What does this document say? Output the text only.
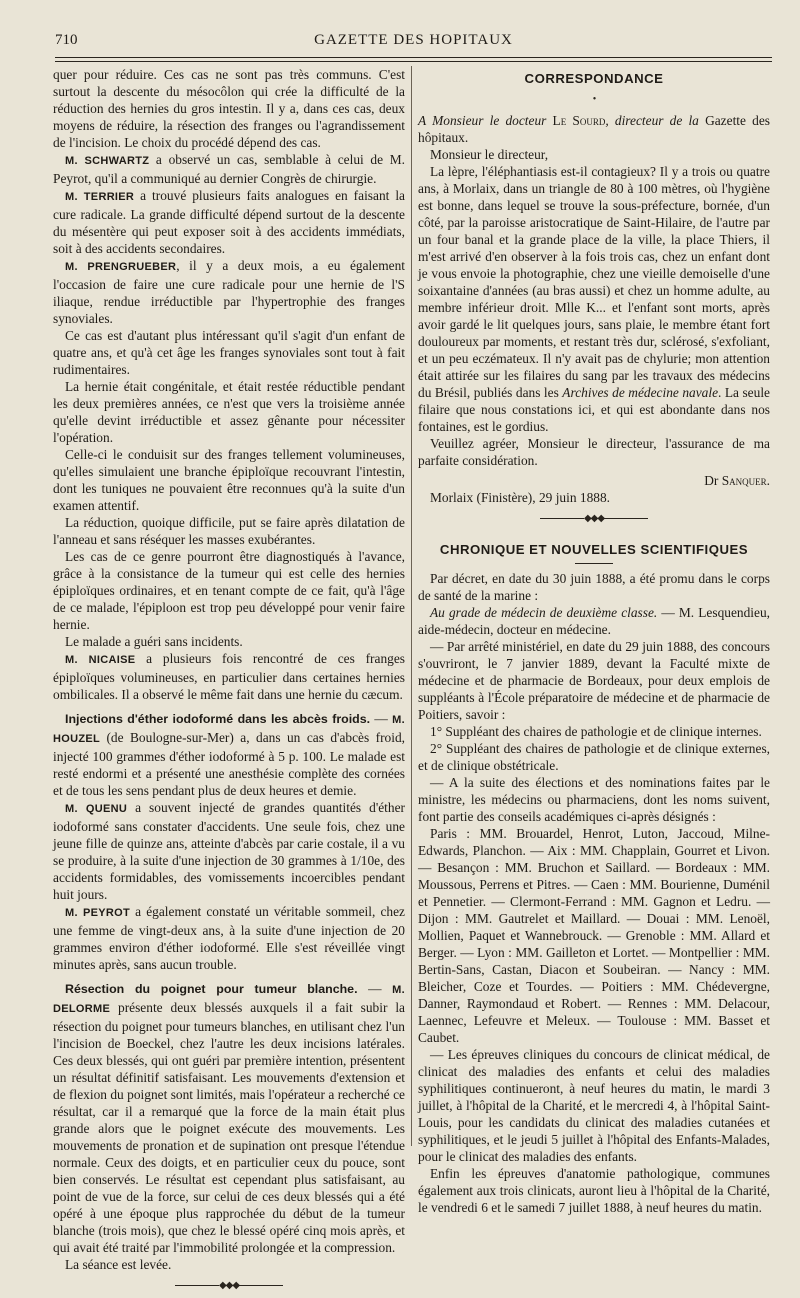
710	GAZETTE DES HOPITAUX

quer pour réduire. Ces cas ne sont pas très communs. C'est surtout la descente du mésocôlon qui crée la difficulté de la réduction des hernies du gros intestin. Il y a, dans ces cas, deux moyens de réduire, la résection des franges ou l'agrandissement de l'incision. Le choix du procédé dépend des cas.

M. SCHWARTZ a observé un cas, semblable à celui de M. Peyrot, qu'il a communiqué au dernier Congrès de chirurgie.

M. TERRIER a trouvé plusieurs faits analogues en faisant la cure radicale. La grande difficulté dépend surtout de la descente du mésentère qui peut exposer soit à des accidents immédiats, soit à des accidents secondaires.

M. PRENGRUEBER, il y a deux mois, a eu également l'occasion de faire une cure radicale pour une hernie de l'S iliaque, rendue irréductible par l'hypertrophie des franges synoviales.

Ce cas est d'autant plus intéressant qu'il s'agit d'un enfant de quatre ans, et qu'à cet âge les franges synoviales sont tout à fait rudimentaires.

La hernie était congénitale, et était restée réductible pendant les deux premières années, ce n'est que vers la troisième année qu'elle devint irréductible et assez gênante pour nécessiter l'opération.

Celle-ci le conduisit sur des franges tellement volumineuses, qu'elles simulaient une branche épiploïque recouvrant l'intestin, dont les tuniques ne pouvaient être reconnues qu'à la suite d'un examen attentif.

La réduction, quoique difficile, put se faire après dilatation de l'anneau et sans réséquer les masses exubérantes.

Les cas de ce genre pourront être diagnostiqués à l'avance, grâce à la consistance de la tumeur qui est celle des hernies épiploïques ordinaires, et en tenant compte de ce fait, qu'à l'âge de ce malade, l'épiploon est trop peu développé pour venir faire hernie.

Le malade a guéri sans incidents.

M. NICAISE a plusieurs fois rencontré de ces franges épiploïques volumineuses, en particulier dans certaines hernies ombilicales. Il a observé le même fait dans une hernie du cæcum.

Injections d'éther iodoformé dans les abcès froids. — M. HOUZEL (de Boulogne-sur-Mer) a, dans un cas d'abcès froid, injecté 100 grammes d'éther iodoformé à 5 p. 100. Le malade est resté endormi et a présenté une anesthésie complète des cornées et de tous les sens pendant plus de deux heures et demie.

M. QUENU a souvent injecté de grandes quantités d'éther iodoformé sans constater d'accidents. Une seule fois, chez une jeune fille de quinze ans, atteinte d'abcès par carie costale, il a vu se produire, à la suite d'une injection de 30 grammes à 1/10e, des accidents formidables, des vomissements incoercibles pendant huit jours.

M. PEYROT a également constaté un véritable sommeil, chez une femme de vingt-deux ans, à la suite d'une injection de 20 grammes environ d'éther iodoformé. Elle s'est réveillée vingt minutes après, sans aucun trouble.

Résection du poignet pour tumeur blanche. — M. DELORME présente deux blessés auxquels il a fait subir la résection du poignet pour tumeurs blanches, en utilisant chez l'un l'incision de Boeckel, chez l'autre les deux incisions latérales. Ces deux blessés, qui ont guéri par première intention, présentent un résultat définitif satisfaisant. Les mouvements d'extension et de flexion du poignet sont limités, mais l'opérateur a recherché ce résultat, car il a remarqué que la force de la main était plus grande alors que le poignet exécute des mouvements. Les mouvements de pronation et de supination ont presque l'étendue normale. Ceux des doigts, et en particulier ceux du pouce, sont bien conservés. Le résultat est cependant plus satisfaisant, au point de vue de la force, sur celui de ces deux blessés qui a été opéré à une époque plus rapprochée du début de la tumeur blanche (trois mois), que chez le blessé opéré cinq mois après, et qui avait été traité par l'immobilité prolongée et la compression.

La séance est levée.

◆◆◆
CORRESPONDANCE
•

A Monsieur le docteur Le Sourd, directeur de la Gazette des hôpitaux.

Monsieur le directeur,

La lèpre, l'éléphantiasis est-il contagieux? Il y a trois ou quatre ans, à Morlaix, dans un triangle de 80 à 100 mètres, où l'hygiène est bonne, dans lequel se trouve la sous-préfecture, bornée, d'un côté, par la paroisse aristocratique de Saint-Hilaire, de l'autre par un four banal et la grande place de la ville, la place Thiers, il m'est arrivé d'en observer à la fois trois cas, chez un enfant dont je vous envoie la photographie, chez une vieille demoiselle d'une soixantaine d'années (au bras aussi) et chez un homme adulte, au membre inférieur droit. Mlle K... et l'enfant sont morts, après avoir gardé le lit quelques jours, sans plaie, le membre étant fort douloureux par moments, et restant très dur, sclérosé, s'exfoliant, et un peu eczémateux. Il n'y avait pas de chylurie; mon attention était attirée sur les filaires du sang par les travaux des médecins du Brésil, publiés dans les Archives de médecine navale. La seule filaire que nous constations ici, et qui est abondante dans nos fontaines, est le gordius.

Veuillez agréer, Monsieur le directeur, l'assurance de ma parfaite considération.

Dr Sanquer.

Morlaix (Finistère), 29 juin 1888.

◆◆◆
CHRONIQUE ET NOUVELLES SCIENTIFIQUES

Par décret, en date du 30 juin 1888, a été promu dans le corps de santé de la marine :

Au grade de médecin de deuxième classe. — M. Lesquendieu, aide-médecin, docteur en médecine.

— Par arrêté ministériel, en date du 29 juin 1888, des concours s'ouvriront, le 7 janvier 1889, devant la Faculté mixte de médecine et de pharmacie de Bordeaux, pour deux emplois de suppléants à l'École préparatoire de médecine et de pharmacie de Poitiers, savoir :

1° Suppléant des chaires de pathologie et de clinique internes.

2° Suppléant des chaires de pathologie et de clinique externes, et de clinique obstétricale.

— A la suite des élections et des nominations faites par le ministre, les médecins ou pharmaciens, dont les noms suivent, font partie des conseils académiques ci-après désignés :

Paris : MM. Brouardel, Henrot, Luton, Jaccoud, Milne-Edwards, Planchon. — Aix : MM. Chapplain, Gourret et Livon. — Besançon : MM. Bruchon et Saillard. — Bordeaux : MM. Moussous, Perrens et Pitres. — Caen : MM. Bourienne, Duménil et Pennetier. — Clermont-Ferrand : MM. Gagnon et Ledru. — Dijon : MM. Gautrelet et Maillard. — Douai : MM. Lenoël, Mollien, Paquet et Wannebrouck. — Grenoble : MM. Allard et Berger. — Lyon : MM. Gailleton et Lortet. — Montpellier : MM. Bertin-Sans, Castan, Diacon et Soubeiran. — Nancy : MM. Bleicher, Coze et Tourdes. — Poitiers : MM. Chédevergne, Danner, Raymondaud et Robert. — Rennes : MM. Delacour, Laennec, Lefeuvre et Meleux. — Toulouse : MM. Basset et Caubet.

— Les épreuves cliniques du concours de clinicat médical, de clinicat des maladies des enfants et celui des maladies syphilitiques continueront, à neuf heures du matin, le mardi 3 juillet, à l'hôpital de la Charité, et le mercredi 4, à l'hôpital Saint-Louis, pour les candidats du clinicat des maladies cutanées et syphilitiques, et le jeudi 5 juillet à l'hôpital des Enfants-Malades, pour le clinicat des maladies des enfants.

Enfin les épreuves d'anatomie pathologique, communes également aux trois clinicats, auront lieu à l'hôpital de la Charité, le vendredi 6 et le samedi 7 juillet 1888, à neuf heures du matin.
